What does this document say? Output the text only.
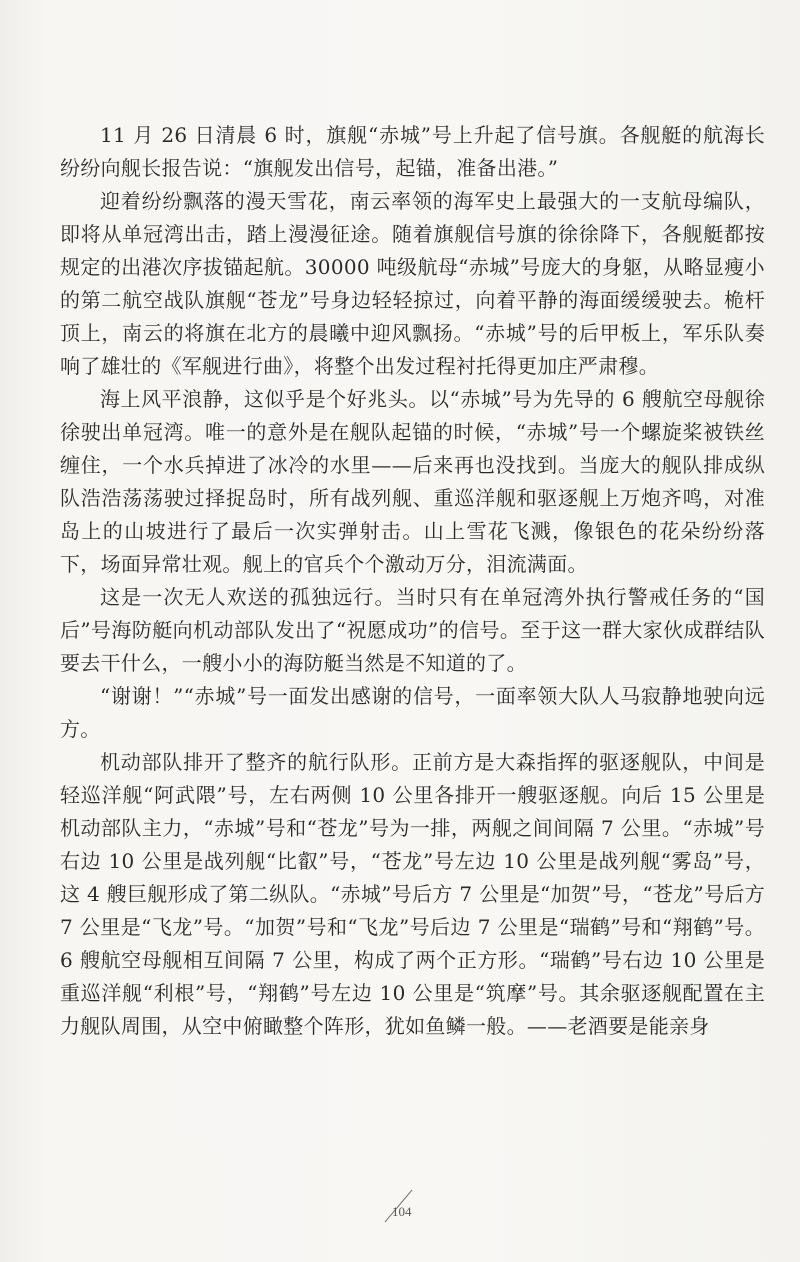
11 月 26 日清晨 6 时，旗舰“赤城”号上升起了信号旗。各舰艇的航海长纷纷向舰长报告说：“旗舰发出信号，起锚，准备出港。”

迎着纷纷飘落的漫天雪花，南云率领的海军史上最强大的一支航母编队，即将从单冠湾出击，踏上漫漫征途。随着旗舰信号旗的徐徐降下，各舰艇都按规定的出港次序拔锚起航。30000 吨级航母“赤城”号庞大的身躯，从略显瘦小的第二航空战队旗舰“苍龙”号身边轻轻掠过，向着平静的海面缓缓驶去。桅杆顶上，南云的将旗在北方的晨曦中迎风飘扬。“赤城”号的后甲板上，军乐队奏响了雄壮的《军舰进行曲》，将整个出发过程衬托得更加庄严肃穆。

海上风平浪静，这似乎是个好兆头。以“赤城”号为先导的 6 艘航空母舰徐徐驶出单冠湾。唯一的意外是在舰队起锚的时候，“赤城”号一个螺旋桨被铁丝缠住，一个水兵掉进了冰冷的水里——后来再也没找到。当庞大的舰队排成纵队浩浩荡荡驶过择捉岛时，所有战列舰、重巡洋舰和驱逐舰上万炮齐鸣，对准岛上的山坡进行了最后一次实弹射击。山上雪花飞溅，像银色的花朵纷纷落下，场面异常壮观。舰上的官兵个个激动万分，泪流满面。

这是一次无人欢送的孤独远行。当时只有在单冠湾外执行警戒任务的“国后”号海防艇向机动部队发出了“祝愿成功”的信号。至于这一群大家伙成群结队要去干什么，一艘小小的海防艇当然是不知道的了。

“谢谢！”“赤城”号一面发出感谢的信号，一面率领大队人马寂静地驶向远方。

机动部队排开了整齐的航行队形。正前方是大森指挥的驱逐舰队，中间是轻巡洋舰“阿武隈”号，左右两侧 10 公里各排开一艘驱逐舰。向后 15 公里是机动部队主力，“赤城”号和“苍龙”号为一排，两舰之间间隔 7 公里。“赤城”号右边 10 公里是战列舰“比叡”号，“苍龙”号左边 10 公里是战列舰“雾岛”号，这 4 艘巨舰形成了第二纵队。“赤城”号后方 7 公里是“加贺”号，“苍龙”号后方 7 公里是“飞龙”号。“加贺”号和“飞龙”号后边 7 公里是“瑞鹤”号和“翔鹤”号。6 艘航空母舰相互间隔 7 公里，构成了两个正方形。“瑞鹤”号右边 10 公里是重巡洋舰“利根”号，“翔鹤”号左边 10 公里是“筑摩”号。其余驱逐舰配置在主力舰队周围，从空中俯瞰整个阵形，犹如鱼鳞一般。——老酒要是能亲身

104
